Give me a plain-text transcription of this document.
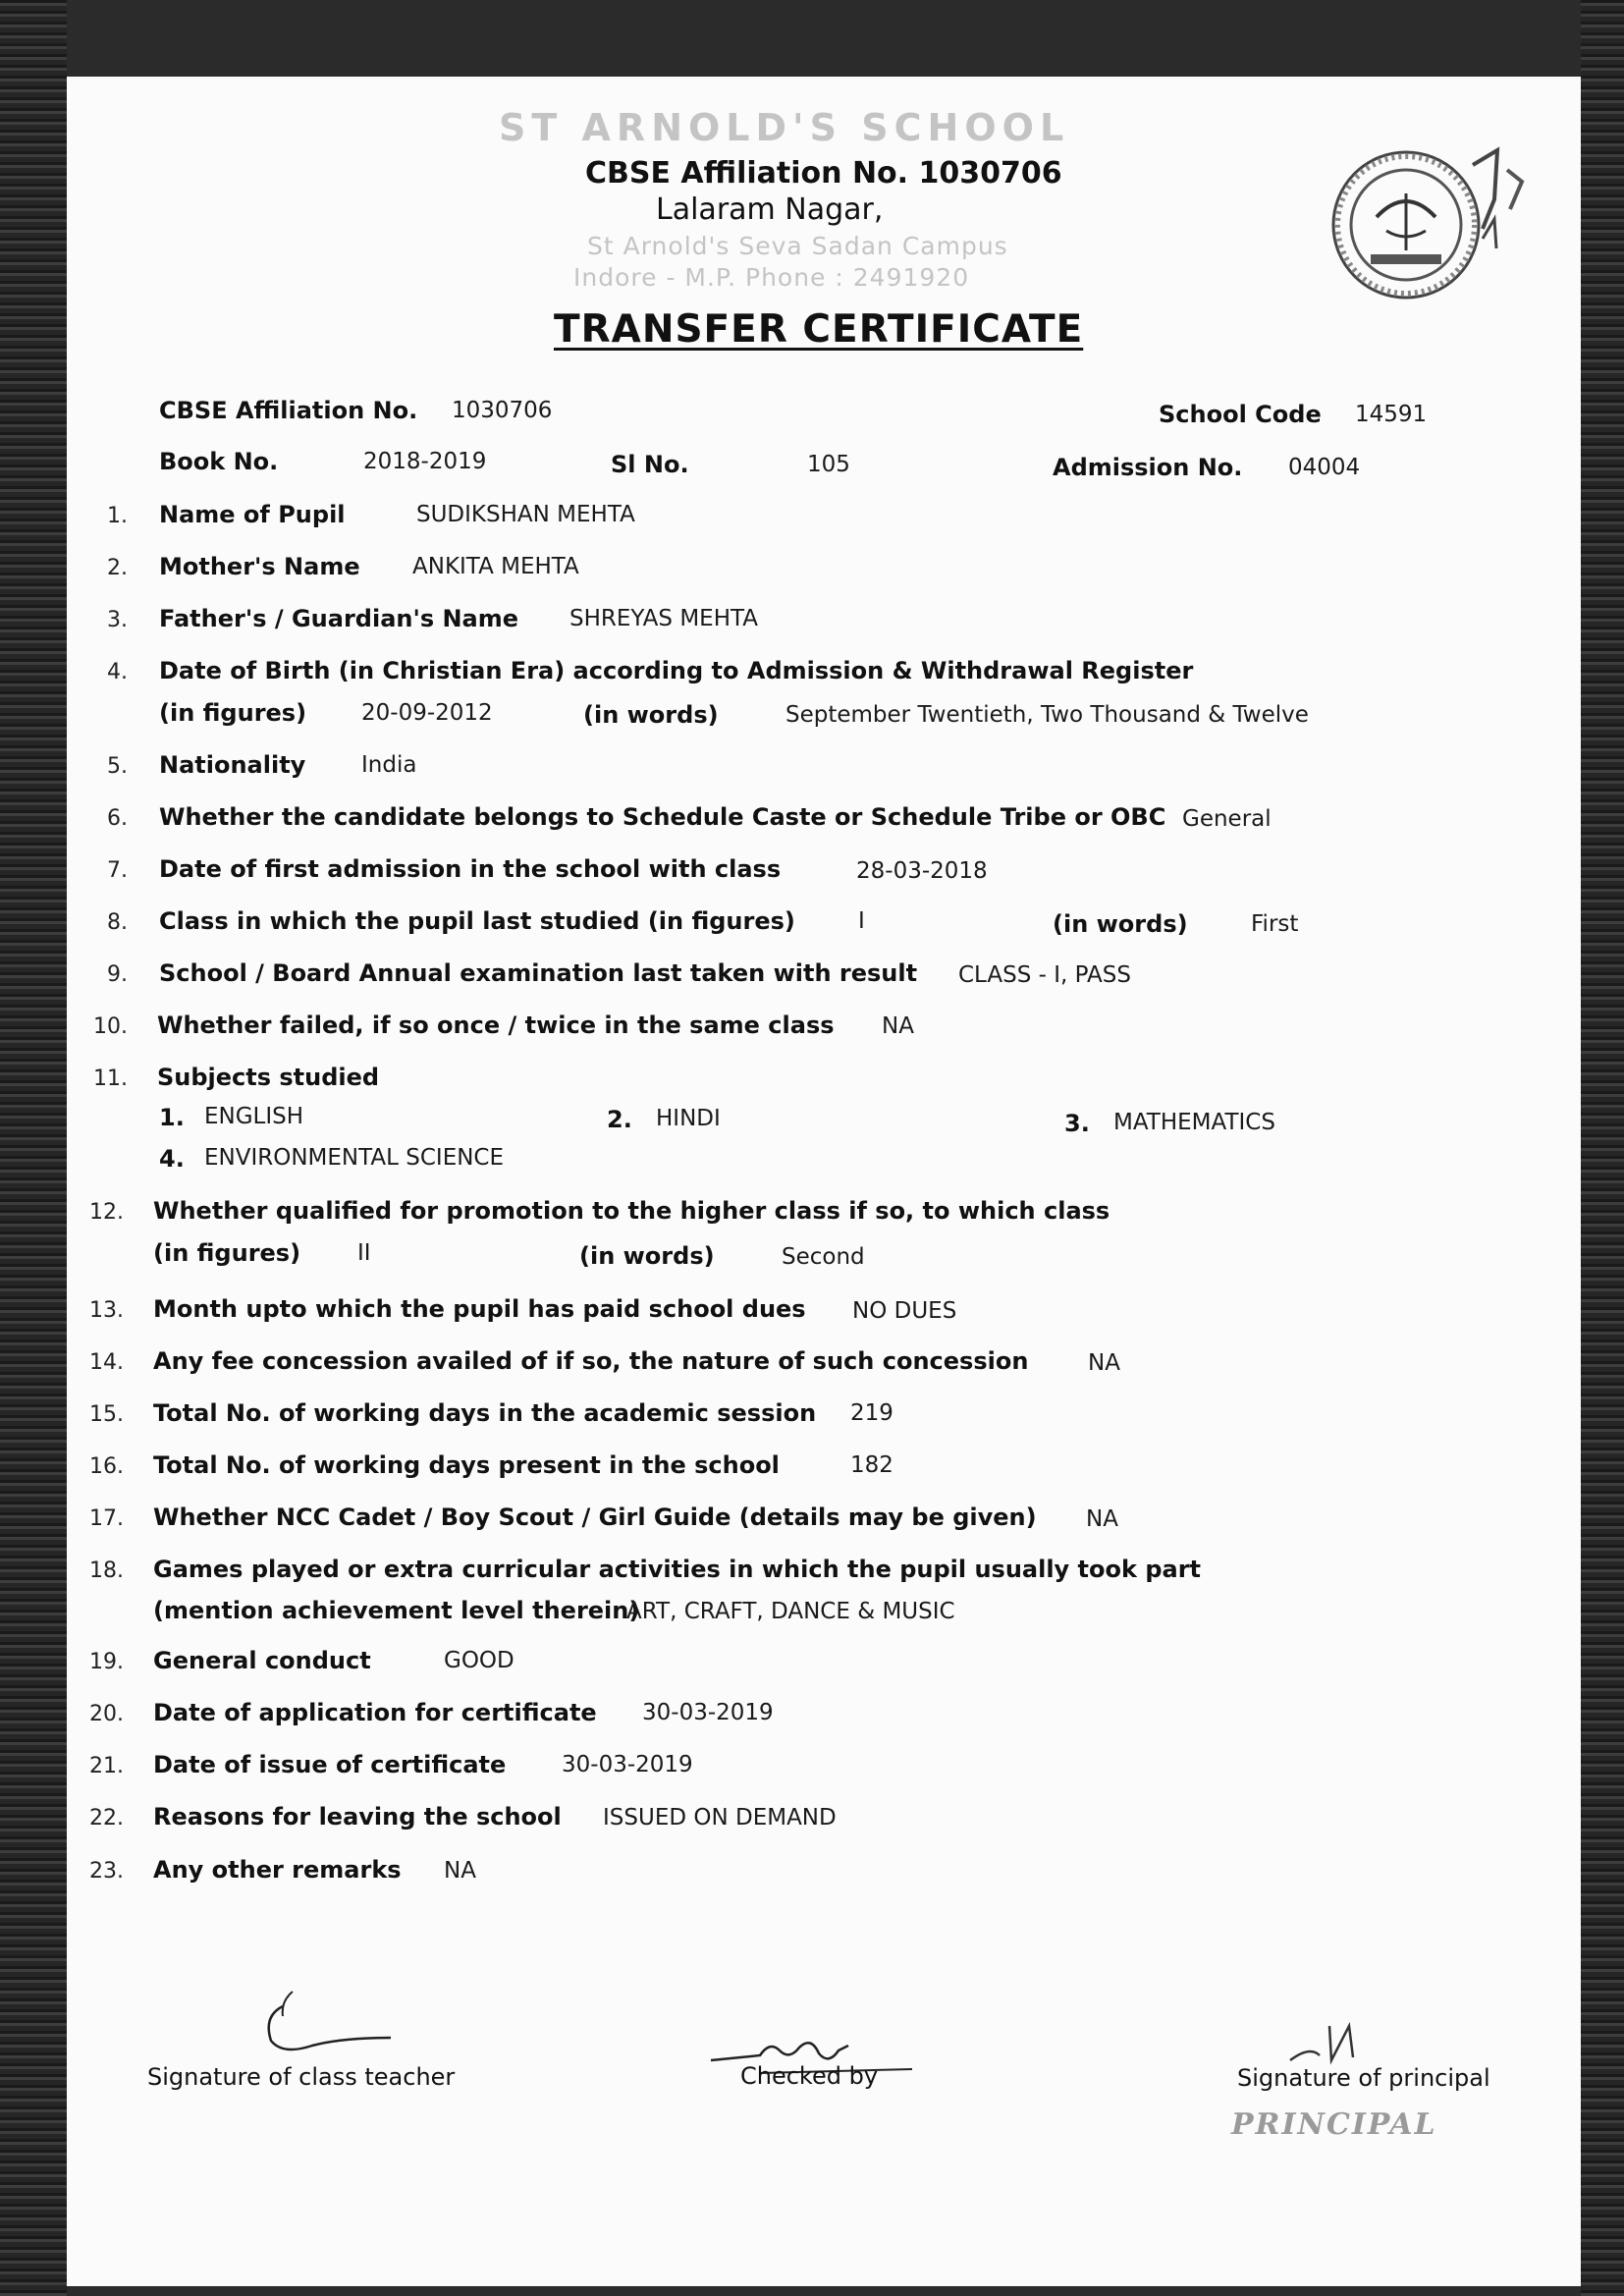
ST ARNOLD'S SCHOOL
CBSE Affiliation No. 1030706
Lalaram Nagar,
St Arnold's Seva Sadan Campus
Indore - M.P. Phone : 2491920
TRANSFER CERTIFICATE
CBSE Affiliation No. 1030706	School Code 14591
Book No.	2018-2019	Sl No.	105	Admission No. 04004
1. Name of Pupil	SUDIKSHAN MEHTA
2. Mother's Name ANKITA MEHTA
3. Father's / Guardian's Name SHREYAS MEHTA
4. Date of Birth (in Christian Era) according to Admission & Withdrawal Register
(in figures) 20-09-2012	(in words)	September Twentieth, Two Thousand & Twelve
5. Nationality India
6. Whether the candidate belongs to Schedule Caste or Schedule Tribe or OBC General
7. Date of first admission in the school with class	28-03-2018
8. Class in which the pupil last studied (in figures)	I	(in words)	First
9. School / Board Annual examination last taken with result CLASS - I, PASS
10. Whether failed, if so once / twice in the same class NA
11. Subjects studied
1. ENGLISH	2. HINDI	3. MATHEMATICS
4. ENVIRONMENTAL SCIENCE
12. Whether qualified for promotion to the higher class if so, to which class
(in figures)	II	(in words)	Second
13. Month upto which the pupil has paid school dues NO DUES
14. Any fee concession availed of if so, the nature of such concession	NA
15. Total No. of working days in the academic session 219
16. Total No. of working days present in the school	182
17. Whether NCC Cadet / Boy Scout / Girl Guide (details may be given) NA
18. Games played or extra curricular activities in which the pupil usually took part
(mention achievement level therein)
ART, CRAFT, DANCE & MUSIC
19. General conduct	GOOD
20. Date of application for certificate 30-03-2019
21. Date of issue of certificate 30-03-2019
22. Reasons for leaving the school ISSUED ON DEMAND
23. Any other remarks NA
Signature of class teacher	Checked by	Signature of principal
PRINCIPAL
